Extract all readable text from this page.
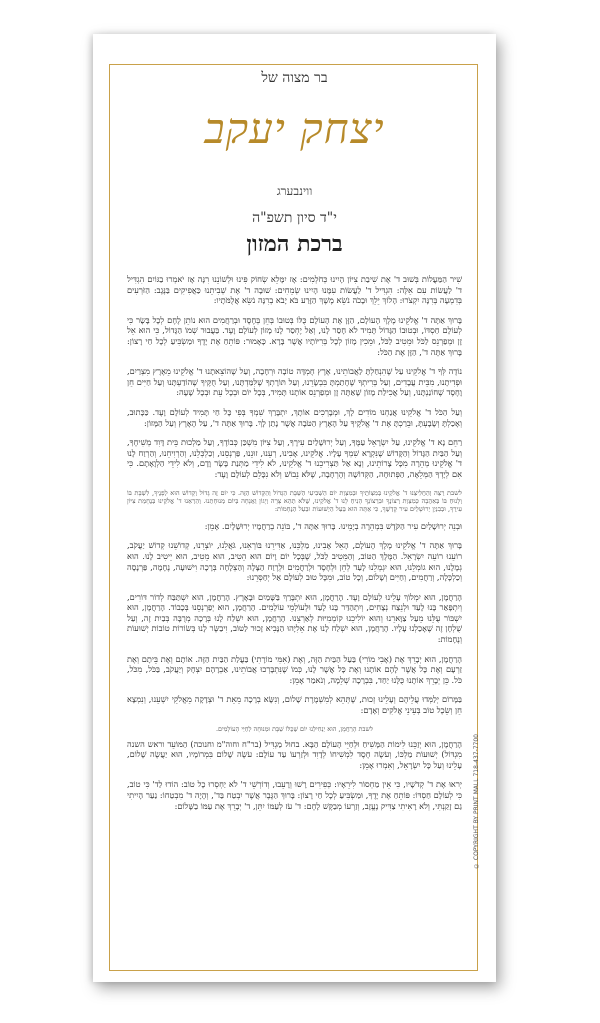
בר מצוה של
יצחק יעקב
ווינבערג
י"ד סיון תשפ"ה
ברכת המזון

שִׁיר הַמַּעֲלוֹת בְּשׁוּב ד' אֶת שִׁיבַת צִיּוֹן הָיִינוּ כְּחֹלְמִים: אָז יִמָּלֵא שְׂחוֹק פִּינוּ וּלְשׁוֹנֵנוּ רִנָּה אָז יֹאמְרוּ בַגּוֹיִם הִגְדִּיל ד' לַעֲשׂוֹת עִם אֵלֶּה: הִגְדִּיל ד' לַעֲשׂוֹת עִמָּנוּ הָיִינוּ שְׂמֵחִים: שׁוּבָה ד' אֶת שְׁבִיתֵנוּ כַּאֲפִיקִים בַּנֶּגֶב: הַזֹּרְעִים בְּדִמְעָה בְּרִנָּה יִקְצֹרוּ: הָלוֹךְ יֵלֵךְ וּבָכֹה נֹשֵׂא מֶשֶׁךְ הַזָּרַע בֹּא יָבֹא בְרִנָּה נֹשֵׂא אֲלֻמֹּתָיו:

בָּרוּךְ אַתָּה ד' אֱלֹקֵינוּ מֶלֶךְ הָעוֹלָם, הַזָּן אֶת הָעוֹלָם כֻּלּוֹ בְּטוּבוֹ בְּחֵן בְּחֶסֶד וּבְרַחֲמִים הוּא נוֹתֵן לֶחֶם לְכָל בָּשָׂר כִּי לְעוֹלָם חַסְדּוֹ, וּבְטוּבוֹ הַגָּדוֹל תָּמִיד לֹא חָסַר לָנוּ, וְאַל יֶחְסַר לָנוּ מָזוֹן לְעוֹלָם וָעֶד. בַּעֲבוּר שְׁמוֹ הַגָּדוֹל, כִּי הוּא אֵל זָן וּמְפַרְנֵס לַכֹּל וּמֵטִיב לַכֹּל, וּמֵכִין מָזוֹן לְכָל בְּרִיּוֹתָיו אֲשֶׁר בָּרָא. כָּאָמוּר: פּוֹתֵחַ אֶת יָדֶךָ וּמַשְׂבִּיעַ לְכָל חַי רָצוֹן: בָּרוּךְ אַתָּה ד', הַזָּן אֶת הַכֹּל:

נוֹדֶה לְּךָ ד' אֱלֹקֵינוּ עַל שֶׁהִנְחַלְתָּ לַאֲבוֹתֵינוּ, אֶרֶץ חֶמְדָּה טוֹבָה וּרְחָבָה, וְעַל שֶׁהוֹצֵאתָנוּ ד' אֱלֹקֵינוּ מֵאֶרֶץ מִצְרַיִם, וּפְדִיתָנוּ, מִבֵּית עֲבָדִים, וְעַל בְּרִיתְךָ שֶׁחָתַמְתָּ בִּבְשָׂרֵנוּ, וְעַל תּוֹרָתְךָ שֶׁלִּמַּדְתָּנוּ, וְעַל חֻקֶּיךָ שֶׁהוֹדַעְתָּנוּ וְעַל חַיִּים חֵן וָחֶסֶד שֶׁחוֹנַנְתָּנוּ, וְעַל אֲכִילַת מָזוֹן שָׁאַתָּה זָן וּמְפַרְנֵס אוֹתָנוּ תָּמִיד, בְּכָל יוֹם וּבְכָל עֵת וּבְכָל שָׁעָה:

וְעַל הַכֹּל ד' אֱלֹקֵינוּ אֲנַחְנוּ מוֹדִים לָךְ, וּמְבָרְכִים אוֹתָךְ, יִתְבָּרַךְ שִׁמְךָ בְּפִי כָּל חַי תָּמִיד לְעוֹלָם וָעֶד. כַּכָּתוּב, וְאָכַלְתָּ וְשָׂבָעְתָּ, וּבֵרַכְתָּ אֶת ד' אֱלֹקֶיךָ עַל הָאָרֶץ הַטֹּבָה אֲשֶׁר נָתַן לָךְ. בָּרוּךְ אַתָּה ד', עַל הָאָרֶץ וְעַל הַמָּזוֹן:

רַחֵם נָא ד' אֱלֹקֵינוּ, עַל יִשְׂרָאֵל עַמֶּךָ, וְעַל יְרוּשָׁלַיִם עִירֶךָ, וְעַל צִיּוֹן מִשְׁכַּן כְּבוֹדֶךָ, וְעַל מַלְכוּת בֵּית דָּוִד מְשִׁיחֶךָ, וְעַל הַבַּיִת הַגָּדוֹל וְהַקָּדוֹשׁ שֶׁנִּקְרָא שִׁמְךָ עָלָיו. אֱלֹקֵינוּ, אָבִינוּ, רְעֵנוּ, זוּנֵנוּ, פַּרְנְסֵנוּ, וְכַלְכְּלֵנוּ, וְהַרְוִיחֵנוּ, וְהַרְוַח לָנוּ ד' אֱלֹקֵינוּ מְהֵרָה מִכָּל צָרוֹתֵינוּ, וְנָא אַל תַּצְרִיכֵנוּ ד' אֱלֹקֵינוּ, לֹא לִידֵי מַתְּנַת בָּשָׂר וָדָם, וְלֹא לִידֵי הַלְוָאָתָם. כִּי אִם לְיָדְךָ הַמְּלֵאָה, הַפְּתוּחָה, הַקְּדוֹשָׁה וְהָרְחָבָה, שֶׁלֹּא נֵבוֹשׁ וְלֹא נִכָּלֵם לְעוֹלָם וָעֶד:

לשבת רְצֵה וְהַחֲלִיצֵנוּ ד' אֱלֹקֵינוּ בְּמִצְוֹתֶיךָ וּבְמִצְוַת יוֹם הַשְּׁבִיעִי הַשַּׁבָּת הַגָּדוֹל וְהַקָּדוֹשׁ הַזֶּה. כִּי יוֹם זֶה גָּדוֹל וְקָדוֹשׁ הוּא לְפָנֶיךָ, לִשְׁבָּת בּוֹ וְלָנוּחַ בּוֹ בְּאַהֲבָה כְּמִצְוַת רְצוֹנֶךָ וּבִרְצוֹנְךָ הָנִיחַ לָנוּ ד' אֱלֹקֵינוּ, שֶׁלֹּא תְהֵא צָרָה וְיָגוֹן וַאֲנָחָה בְּיוֹם מְנוּחָתֵנוּ. וְהַרְאֵנוּ ד' אֱלֹקֵינוּ בְּנֶחָמַת צִיּוֹן עִירֶךָ, וּבְבִנְיַן יְרוּשָׁלַיִם עִיר קָדְשֶׁךָ, כִּי אַתָּה הוּא בַּעַל הַיְשׁוּעוֹת וּבַעַל הַנֶּחָמוֹת:

וּבְנֵה יְרוּשָׁלַיִם עִיר הַקֹּדֶשׁ בִּמְהֵרָה בְיָמֵינוּ. בָּרוּךְ אַתָּה ד', בּוֹנֵה בְרַחֲמָיו יְרוּשָׁלָיִם. אָמֵן:

בָּרוּךְ אַתָּה ד' אֱלֹקֵינוּ מֶלֶךְ הָעוֹלָם, הָאֵל אָבִינוּ, מַלְכֵּנוּ, אַדִּירֵנוּ בּוֹרְאֵנוּ, גֹּאֲלֵנוּ, יוֹצְרֵנוּ, קְדוֹשֵׁנוּ קְדוֹשׁ יַעֲקֹב, רוֹעֵנוּ רוֹעֵה יִשְׂרָאֵל. הַמֶּלֶךְ הַטּוֹב, וְהַמֵּטִיב לַכֹּל, שֶׁבְּכָל יוֹם וָיוֹם הוּא הֵטִיב, הוּא מֵטִיב, הוּא יֵיטִיב לָנוּ. הוּא גְמָלָנוּ, הוּא גוֹמְלֵנוּ, הוּא יִגְמְלֵנוּ לָעַד לְחֵן וּלְחֶסֶד וּלְרַחֲמִים וּלְרֶוַח הַצָּלָה וְהַצְלָחָה בְּרָכָה וִישׁוּעָה, נֶחָמָה, פַּרְנָסָה וְכַלְכָּלָה, וְרַחֲמִים, וְחַיִּים וְשָׁלוֹם, וְכָל טוֹב, וּמִכָּל טוּב לְעוֹלָם אַל יְחַסְּרֵנוּ:

הָרַחֲמָן, הוּא יִמְלוֹךְ עָלֵינוּ לְעוֹלָם וָעֶד. הָרַחֲמָן, הוּא יִתְבָּרַךְ בַּשָּׁמַיִם וּבָאָרֶץ. הָרַחֲמָן, הוּא יִשְׁתַּבַּח לְדוֹר דּוֹרִים, וְיִתְפָּאַר בָּנוּ לָעַד וּלְנֵצַח נְצָחִים, וְיִתְהַדַּר בָּנוּ לָעַד וּלְעוֹלְמֵי עוֹלָמִים. הָרַחֲמָן, הוּא יְפַרְנְסֵנוּ בְּכָבוֹד. הָרַחֲמָן, הוּא יִשְׁבּוֹר עֻלֵּנוּ מֵעַל צַוָּארֵנוּ וְהוּא יוֹלִיכֵנוּ קוֹמְמִיּוּת לְאַרְצֵנוּ. הָרַחֲמָן, הוּא יִשְׁלַח לָנוּ בְּרָכָה מְרֻבָּה בְּבַיִת זֶה, וְעַל שֻׁלְחָן זֶה שֶׁאָכַלְנוּ עָלָיו. הָרַחֲמָן, הוּא יִשְׁלַח לָנוּ אֶת אֵלִיָּהוּ הַנָּבִיא זָכוּר לַטּוֹב, וִיבַשֶּׂר לָנוּ בְּשׂוֹרוֹת טוֹבוֹת יְשׁוּעוֹת וְנֶחָמוֹת:

הָרַחֲמָן, הוּא יְבָרֵךְ אֶת (אָבִי מוֹרִי) בַּעַל הַבַּיִת הַזֶּה, וְאֶת (אִמִּי מוֹרָתִי) בַּעֲלַת הַבַּיִת הַזֶּה. אוֹתָם וְאֶת בֵּיתָם וְאֶת זַרְעָם וְאֶת כָּל אֲשֶׁר לָהֶם אוֹתָנוּ וְאֶת כָּל אֲשֶׁר לָנוּ, כְּמוֹ שֶׁנִּתְבָּרְכוּ אֲבוֹתֵינוּ, אַבְרָהָם יִצְחָק וְיַעֲקֹב, בַּכֹּל, מִכֹּל, כֹּל. כֵּן יְבָרֵךְ אוֹתָנוּ כֻּלָּנוּ יַחַד, בִּבְרָכָה שְׁלֵמָה, וְנֹאמַר אָמֵן:

בַּמָּרוֹם יְלַמְּדוּ עֲלֵיהֶם וְעָלֵינוּ זְכוּת, שֶׁתְּהֵא לְמִשְׁמֶרֶת שָׁלוֹם, וְנִשָּׂא בְרָכָה מֵאֵת ד' וּצְדָקָה מֵאֱלֹקֵי יִשְׁעֵנוּ, וְנִמְצָא חֵן וְשֵׂכֶל טוֹב בְּעֵינֵי אֱלֹקִים וְאָדָם:

לשבת הָרַחֲמָן, הוּא יַנְחִילֵנוּ יוֹם שֶׁכֻּלּוֹ שַׁבָּת וּמְנוּחָה לְחַיֵּי הָעוֹלָמִים.

הָרַחֲמָן, הוּא יְזַכֵּנוּ לִימוֹת הַמָּשִׁיחַ וּלְחַיֵּי הָעוֹלָם הַבָּא. בחול מַגְדִּיל (בר"ח וחוה"מ וחנוכה) הַמּוֹעֵד וראש השנה מִגְדּוֹל) יְשׁוּעוֹת מַלְכּוֹ, וְעֹשֶׂה חֶסֶד לִמְשִׁיחוֹ לְדָוִד וּלְזַרְעוֹ עַד עוֹלָם: עֹשֶׂה שָׁלוֹם בִּמְרוֹמָיו, הוּא יַעֲשֶׂה שָׁלוֹם, עָלֵינוּ וְעַל כָּל יִשְׂרָאֵל, וְאִמְרוּ אָמֵן:

יְראוּ אֶת ד' קְדֹשָׁיו, כִּי אֵין מַחְסוֹר לִירֵאָיו: כְּפִירִים רָשׁוּ וְרָעֵבוּ, וְדוֹרְשֵׁי ד' לֹא יַחְסְרוּ כָל טוֹב: הוֹדוּ לַד' כִּי טוֹב, כִּי לְעוֹלָם חַסְדּוֹ: פּוֹתֵחַ אֶת יָדֶךָ, וּמַשְׂבִּיעַ לְכָל חַי רָצוֹן: בָּרוּךְ הַגֶּבֶר אֲשֶׁר יִבְטַח בַּד', וְהָיָה ד' מִבְטַחוֹ: נַעַר הָיִיתִי גַם זָקַנְתִּי, וְלֹא רָאִיתִי צַדִּיק נֶעֱזָב, וְזַרְעוֹ מְבַקֶּשׁ לָחֶם: ד' עֹז לְעַמּוֹ יִתֵּן, ד' יְבָרֵךְ אֶת עַמּוֹ בַשָּׁלוֹם: © COPYRIGHT BY PRINT MALL 718-437-7700
